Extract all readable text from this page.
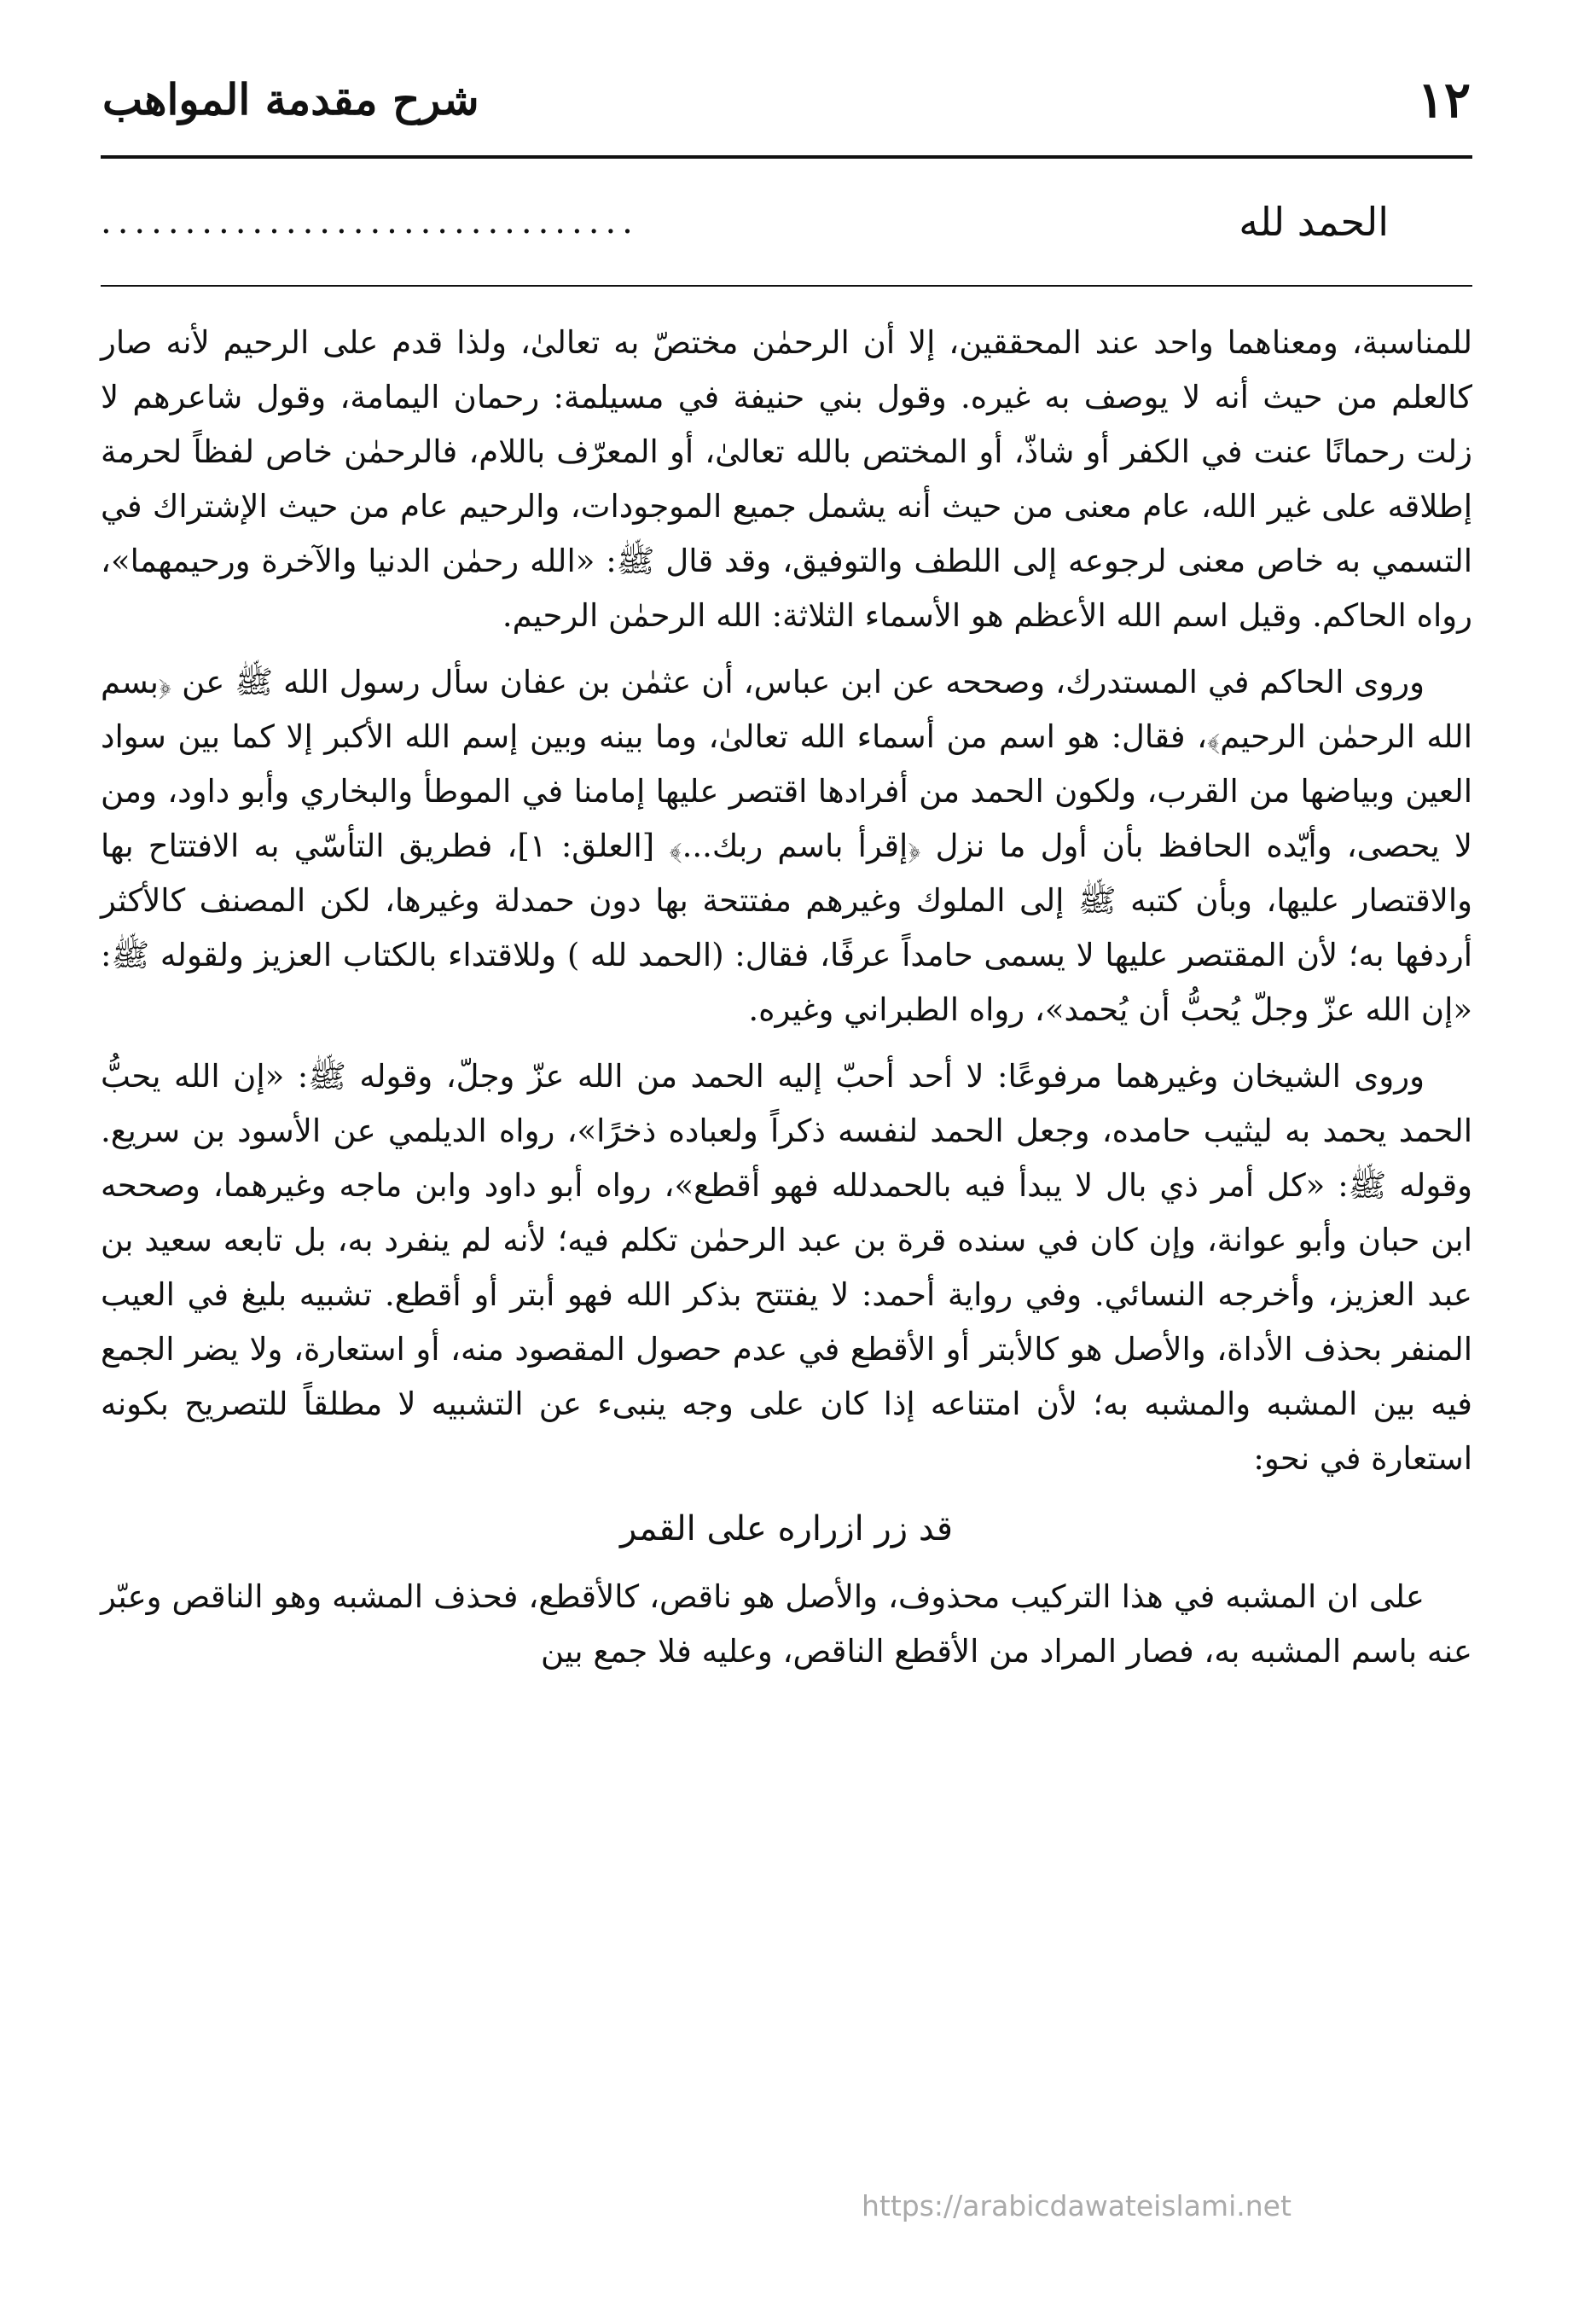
١٢
شرح مقدمة المواهب
الحمد لله
................................

للمناسبة، ومعناهما واحد عند المحققين، إلا أن الرحمٰن مختصّ به تعالىٰ، ولذا قدم على الرحيم لأنه صار كالعلم من حيث أنه لا يوصف به غيره. وقول بني حنيفة في مسيلمة: رحمان اليمامة، وقول شاعرهم لا زلت رحمانًا عنت في الكفر أو شاذّ، أو المختص بالله تعالىٰ، أو المعرّف باللام، فالرحمٰن خاص لفظاً لحرمة إطلاقه على غير الله، عام معنى من حيث أنه يشمل جميع الموجودات، والرحيم عام من حيث الإشتراك في التسمي به خاص معنى لرجوعه إلى اللطف والتوفيق، وقد قال ﷺ: «الله رحمٰن الدنيا والآخرة ورحيمهما»، رواه الحاكم. وقيل اسم الله الأعظم هو الأسماء الثلاثة: الله الرحمٰن الرحيم.

وروى الحاكم في المستدرك، وصححه عن ابن عباس، أن عثمٰن بن عفان سأل رسول الله ﷺ عن ﴿بسم الله الرحمٰن الرحيم﴾، فقال: هو اسم من أسماء الله تعالىٰ، وما بينه وبين إسم الله الأكبر إلا كما بين سواد العين وبياضها من القرب، ولكون الحمد من أفرادها اقتصر عليها إمامنا في الموطأ والبخاري وأبو داود، ومن لا يحصى، وأيّده الحافظ بأن أول ما نزل ﴿إقرأ باسم ربك...﴾ [العلق: ١]، فطريق التأسّي به الافتتاح بها والاقتصار عليها، وبأن كتبه ﷺ إلى الملوك وغيرهم مفتتحة بها دون حمدلة وغيرها، لكن المصنف كالأكثر أردفها به؛ لأن المقتصر عليها لا يسمى حامداً عرفًا، فقال: (الحمد لله ) وللاقتداء بالكتاب العزيز ولقوله ﷺ: «إن الله عزّ وجلّ يُحبُّ أن يُحمد»، رواه الطبراني وغيره.

وروى الشيخان وغيرهما مرفوعًا: لا أحد أحبّ إليه الحمد من الله عزّ وجلّ، وقوله ﷺ: «إن الله يحبُّ الحمد يحمد به ليثيب حامده، وجعل الحمد لنفسه ذكراً ولعباده ذخرًا»، رواه الديلمي عن الأسود بن سريع. وقوله ﷺ: «كل أمر ذي بال لا يبدأ فيه بالحمدلله فهو أقطع»، رواه أبو داود وابن ماجه وغيرهما، وصححه ابن حبان وأبو عوانة، وإن كان في سنده قرة بن عبد الرحمٰن تكلم فيه؛ لأنه لم ينفرد به، بل تابعه سعيد بن عبد العزيز، وأخرجه النسائي. وفي رواية أحمد: لا يفتتح بذكر الله فهو أبتر أو أقطع. تشبيه بليغ في العيب المنفر بحذف الأداة، والأصل هو كالأبتر أو الأقطع في عدم حصول المقصود منه، أو استعارة، ولا يضر الجمع فيه بين المشبه والمشبه به؛ لأن امتناعه إذا كان على وجه ينبىء عن التشبيه لا مطلقاً للتصريح بكونه استعارة في نحو:

قد زر ازراره على القمر

على ان المشبه في هذا التركيب محذوف، والأصل هو ناقص، كالأقطع، فحذف المشبه وهو الناقص وعبّر عنه باسم المشبه به، فصار المراد من الأقطع الناقص، وعليه فلا جمع بين

https://arabicdawateislami.net
